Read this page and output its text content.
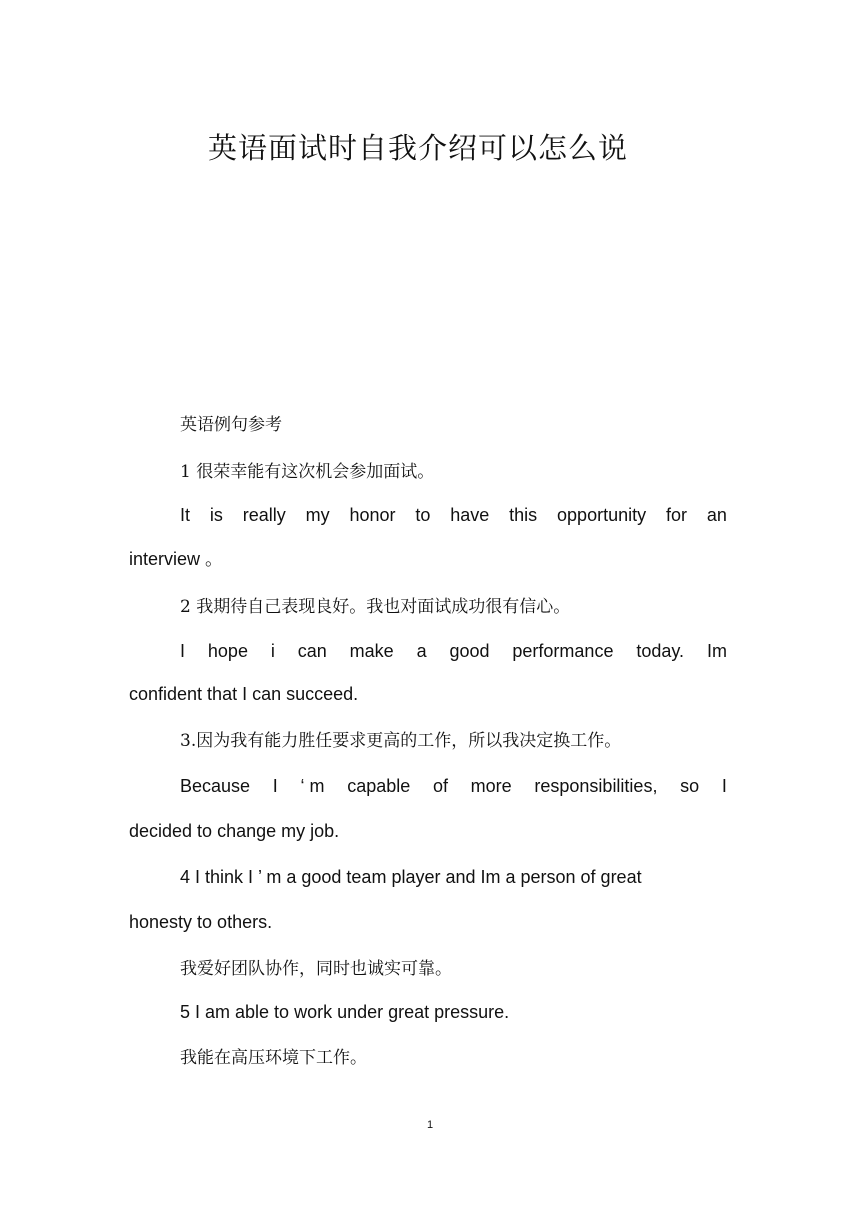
英语面试时自我介绍可以怎么说
英语例句参考
1 很荣幸能有这次机会参加面试。
It is really my honor to have this opportunity for an
interview 。
2 我期待自己表现良好。我也对面试成功很有信心。
I hope i can make a good performance today. Im
confident that I can succeed.
3.因为我有能力胜任要求更高的工作，所以我决定换工作。
Because I ‘ m capable of more responsibilities, so I
decided to change my job.
4 I think I ’ m a good team player and Im a person of great
honesty to others.
我爱好团队协作，同时也诚实可靠。
5 I am able to work under great pressure.
我能在高压环境下工作。
1
